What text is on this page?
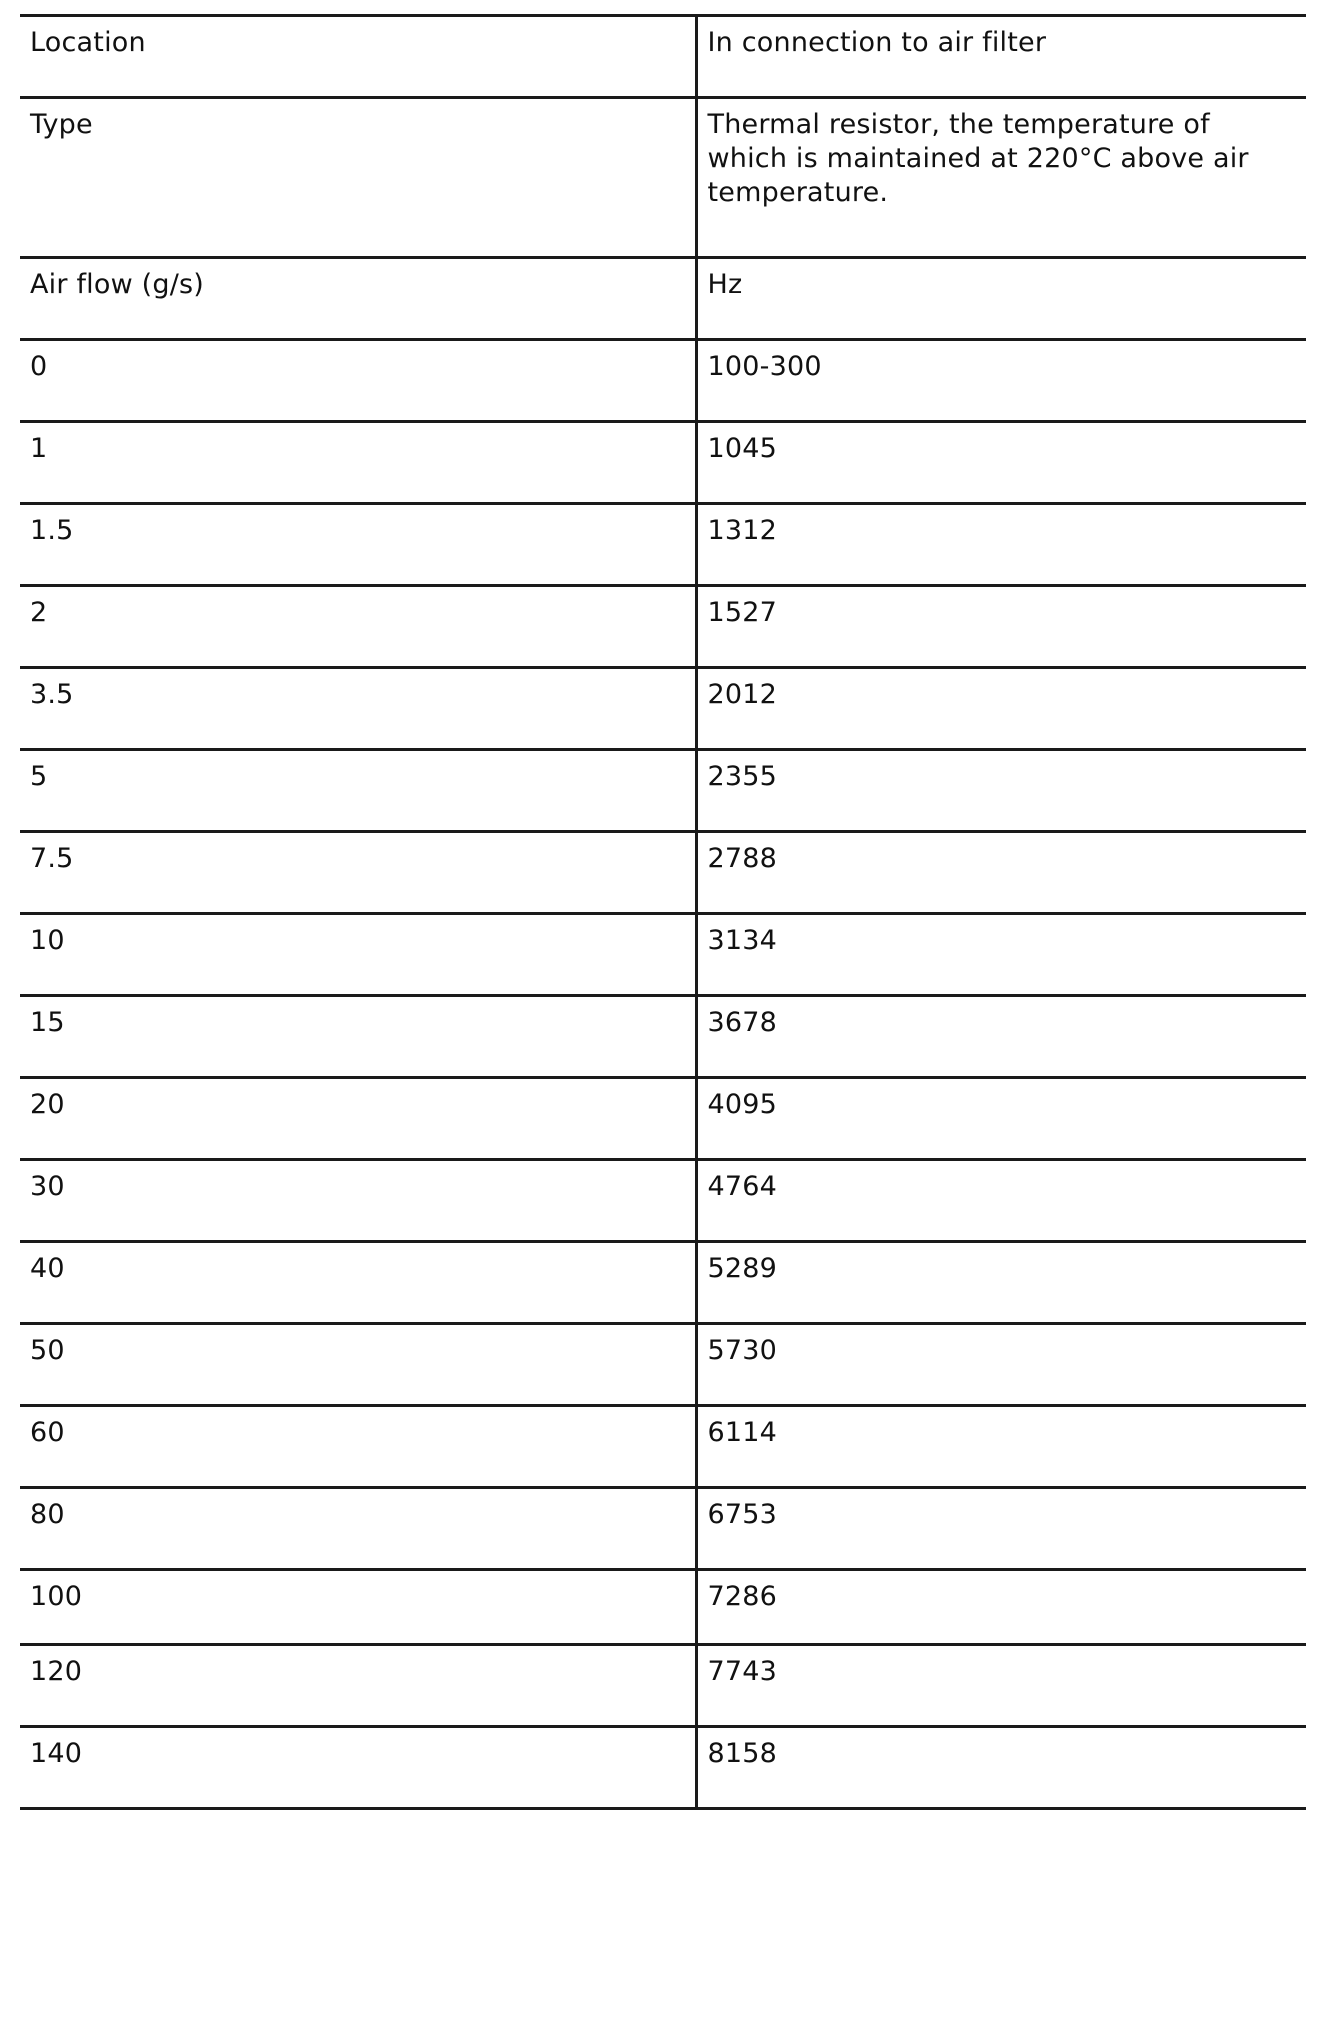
Location	In connection to air filter
Type	Thermal resistor, the temperature of which is maintained at 220°C above air temperature.
Air flow (g/s)	Hz
0	100-300
1	1045
1.5	1312
2	1527
3.5	2012
5	2355
7.5	2788
10	3134
15	3678
20	4095
30	4764
40	5289
50	5730
60	6114
80	6753
100	7286
120	7743
140	8158
